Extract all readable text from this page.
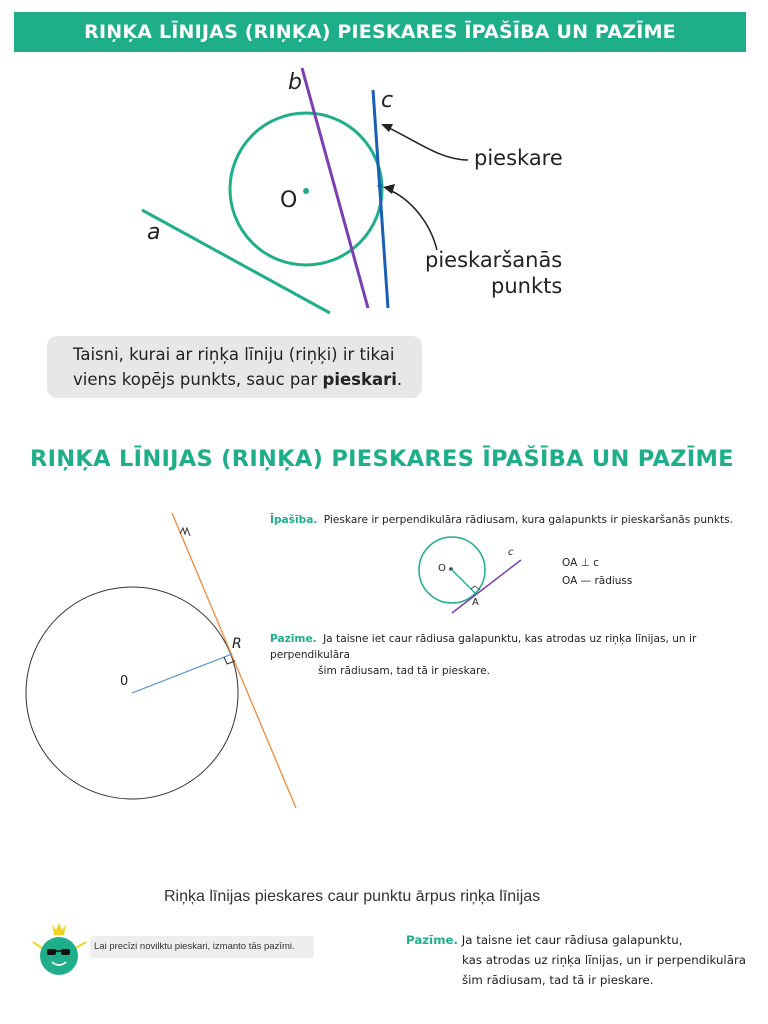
RIŅĶA LĪNIJAS (RIŅĶA) PIESKARES ĪPAŠĪBA UN PAZĪME
b
c
O
a
pieskare
pieskaršanās
punkts
Taisni, kurai ar riņķa līniju (riņķi) ir tikai
viens kopējs punkts, sauc par pieskari.
RIŅĶA LĪNIJAS (RIŅĶA) PIESKARES ĪPAŠĪBA UN PAZĪME
m
R
0
Īpašība. Pieskare ir perpendikulāra rādiusam, kura galapunkts ir pieskaršanās punkts.
O
A
c
OA ⊥ c
OA — rādiuss
Pazīme. Ja taisne iet caur rādiusa galapunktu, kas atrodas uz riņķa līnijas, un ir perpendikulāra
šim rādiusam, tad tā ir pieskare.
Riņķa līnijas pieskares caur punktu ārpus riņķa līnijas
Lai precīzi novilktu pieskari, izmanto tās pazīmi.	Pazīme. Ja taisne iet caur rādiusa galapunktu,
kas atrodas uz riņķa līnijas, un ir perpendikulāra
šim rādiusam, tad tā ir pieskare.
